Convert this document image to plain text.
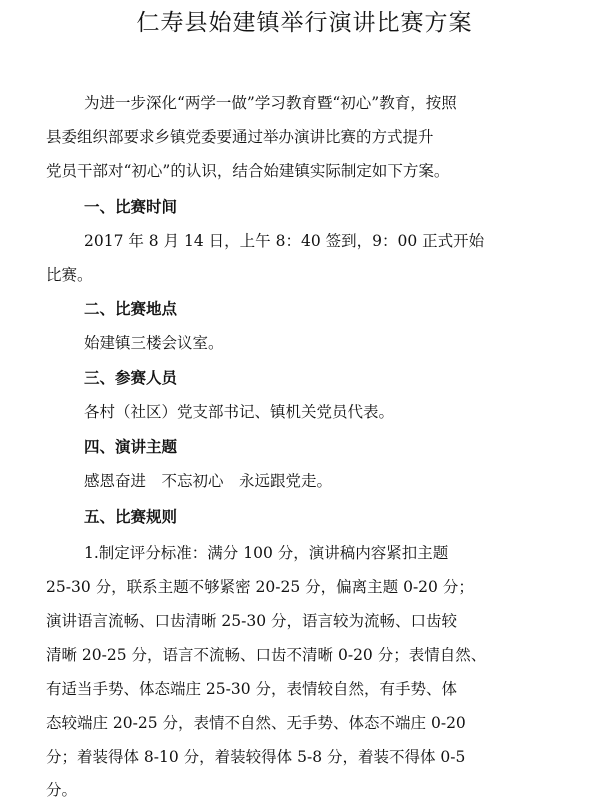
仁寿县始建镇举行演讲比赛方案

为进一步深化“两学一做”学习教育暨“初心”教育，按照

县委组织部要求乡镇党委要通过举办演讲比赛的方式提升

党员干部对“初心”的认识，结合始建镇实际制定如下方案。

一、比赛时间

2017 年 8 月 14 日，上午 8：40 签到，9：00 正式开始

比赛。

二、比赛地点

始建镇三楼会议室。

三、参赛人员

各村（社区）党支部书记、镇机关党员代表。

四、演讲主题

感恩奋进　不忘初心　永远跟党走。

五、比赛规则

1.制定评分标准：满分 100 分，演讲稿内容紧扣主题

25-30 分，联系主题不够紧密 20-25 分，偏离主题 0-20 分；

演讲语言流畅、口齿清晰 25-30 分，语言较为流畅、口齿较

清晰 20-25 分，语言不流畅、口齿不清晰 0-20 分；表情自然、

有适当手势、体态端庄 25-30 分，表情较自然，有手势、体

态较端庄 20-25 分，表情不自然、无手势、体态不端庄 0-20

分；着装得体 8-10 分，着装较得体 5-8 分，着装不得体 0-5

分。
